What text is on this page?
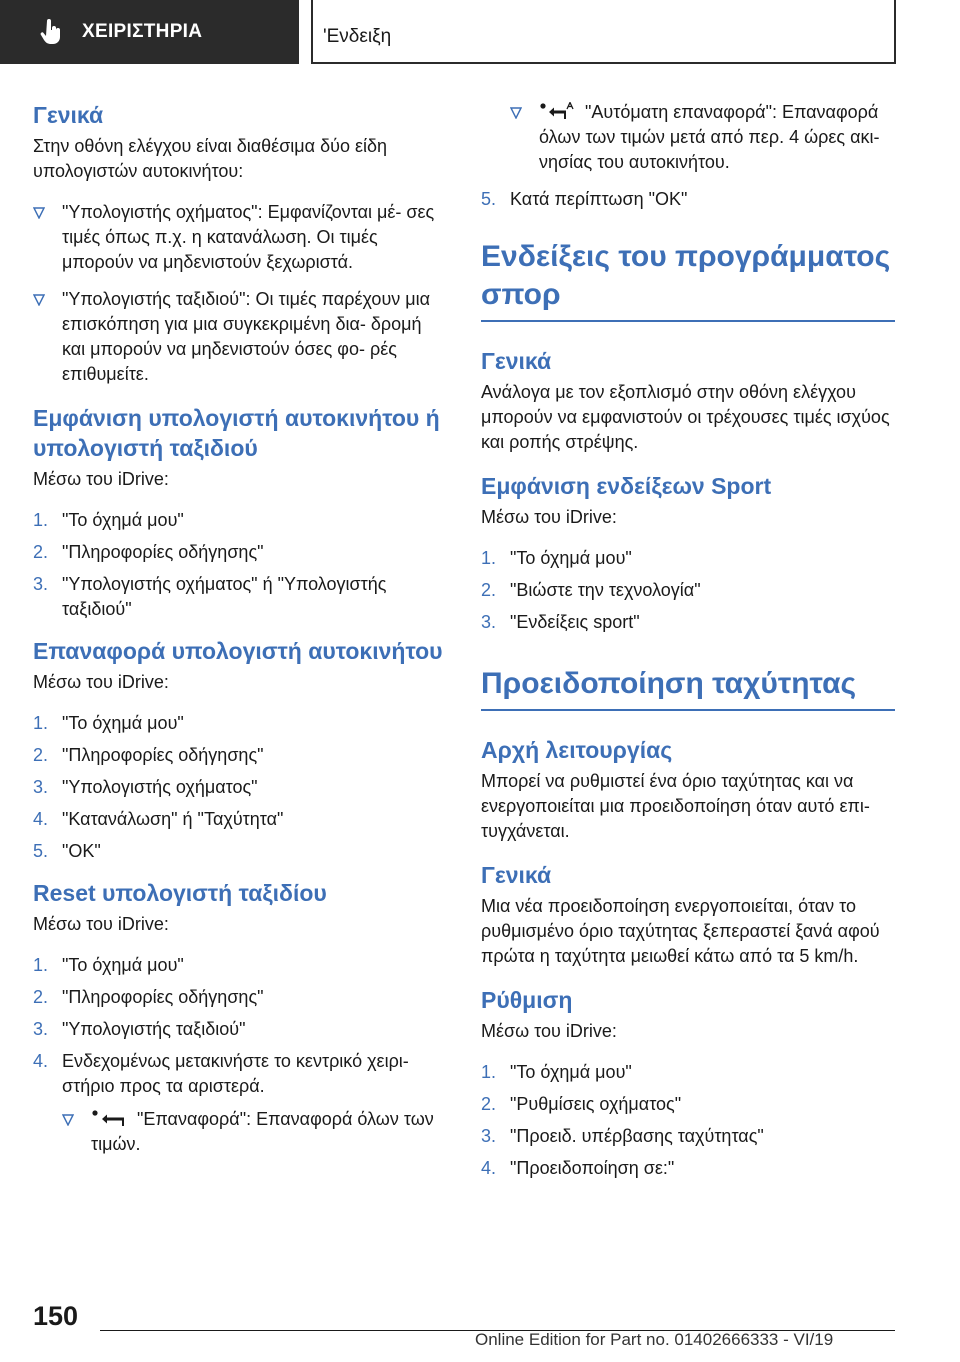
ΧΕΙΡΙΣΤΗΡΙΑ	'Ενδειξη
Γενικά

Στην οθόνη ελέγχου είναι διαθέσιμα δύο είδη υπολογιστών αυτοκινήτου:

"Υπολογιστής οχήματος": Εμφανίζονται μέ- σες τιμές όπως π.χ. η κατανάλωση. Οι τιμές μπορούν να μηδενιστούν ξεχωριστά.
"Υπολογιστής ταξιδιού": Οι τιμές παρέχουν μια επισκόπηση για μια συγκεκριμένη δια- δρομή και μπορούν να μηδενιστούν όσες φο- ρές επιθυμείτε.
Εμφάνιση υπολογιστή αυτοκινήτου ή υπολογιστή ταξιδιού

Μέσω του iDrive:

1. "Το όχημά μου"
2. "Πληροφορίες οδήγησης"
3. "Υπολογιστής οχήματος" ή "Υπολογιστής ταξιδιού"
Επαναφορά υπολογιστή αυτοκινήτου

Μέσω του iDrive:

1. "Το όχημά μου"
2. "Πληροφορίες οδήγησης"
3. "Υπολογιστής οχήματος"
4. "Κατανάλωση" ή "Ταχύτητα"
5. "OK"
Reset υπολογιστή ταξιδίου

Μέσω του iDrive:

1. "Το όχημά μου"
2. "Πληροφορίες οδήγησης"
3. "Υπολογιστής ταξιδιού"
4. Ενδεχομένως μετακινήστε το κεντρικό χειρι- στήριο προς τα αριστερά.
"Επαναφορά": Επαναφορά όλων των τιμών.
"Αυτόματη επαναφορά": Επαναφορά όλων των τιμών μετά από περ. 4 ώρες ακι- νησίας του αυτοκινήτου.
5. Κατά περίπτωση "OK"
Ενδείξεις του προγράμματος σπορ
Γενικά

Ανάλογα με τον εξοπλισμό στην οθόνη ελέγχου μπορούν να εμφανιστούν οι τρέχουσες τιμές ισχύος και ροπής στρέψης.

Εμφάνιση ενδείξεων Sport

Μέσω του iDrive:

1. "Το όχημά μου"
2. "Βιώστε την τεχνολογία"
3. "Ενδείξεις sport"
Προειδοποίηση ταχύτητας
Αρχή λειτουργίας

Μπορεί να ρυθμιστεί ένα όριο ταχύτητας και να ενεργοποιείται μια προειδοποίηση όταν αυτό επι- τυγχάνεται.

Γενικά

Μια νέα προειδοποίηση ενεργοποιείται, όταν το ρυθμισμένο όριο ταχύτητας ξεπεραστεί ξανά αφού πρώτα η ταχύτητα μειωθεί κάτω από τα 5 km/h.

Ρύθμιση

Μέσω του iDrive:

1. "Το όχημά μου"
2. "Ρυθμίσεις οχήματος"
3. "Προειδ. υπέρβασης ταχύτητας"
4. "Προειδοποίηση σε:"
150
Online Edition for Part no. 01402666333 - VI/19
